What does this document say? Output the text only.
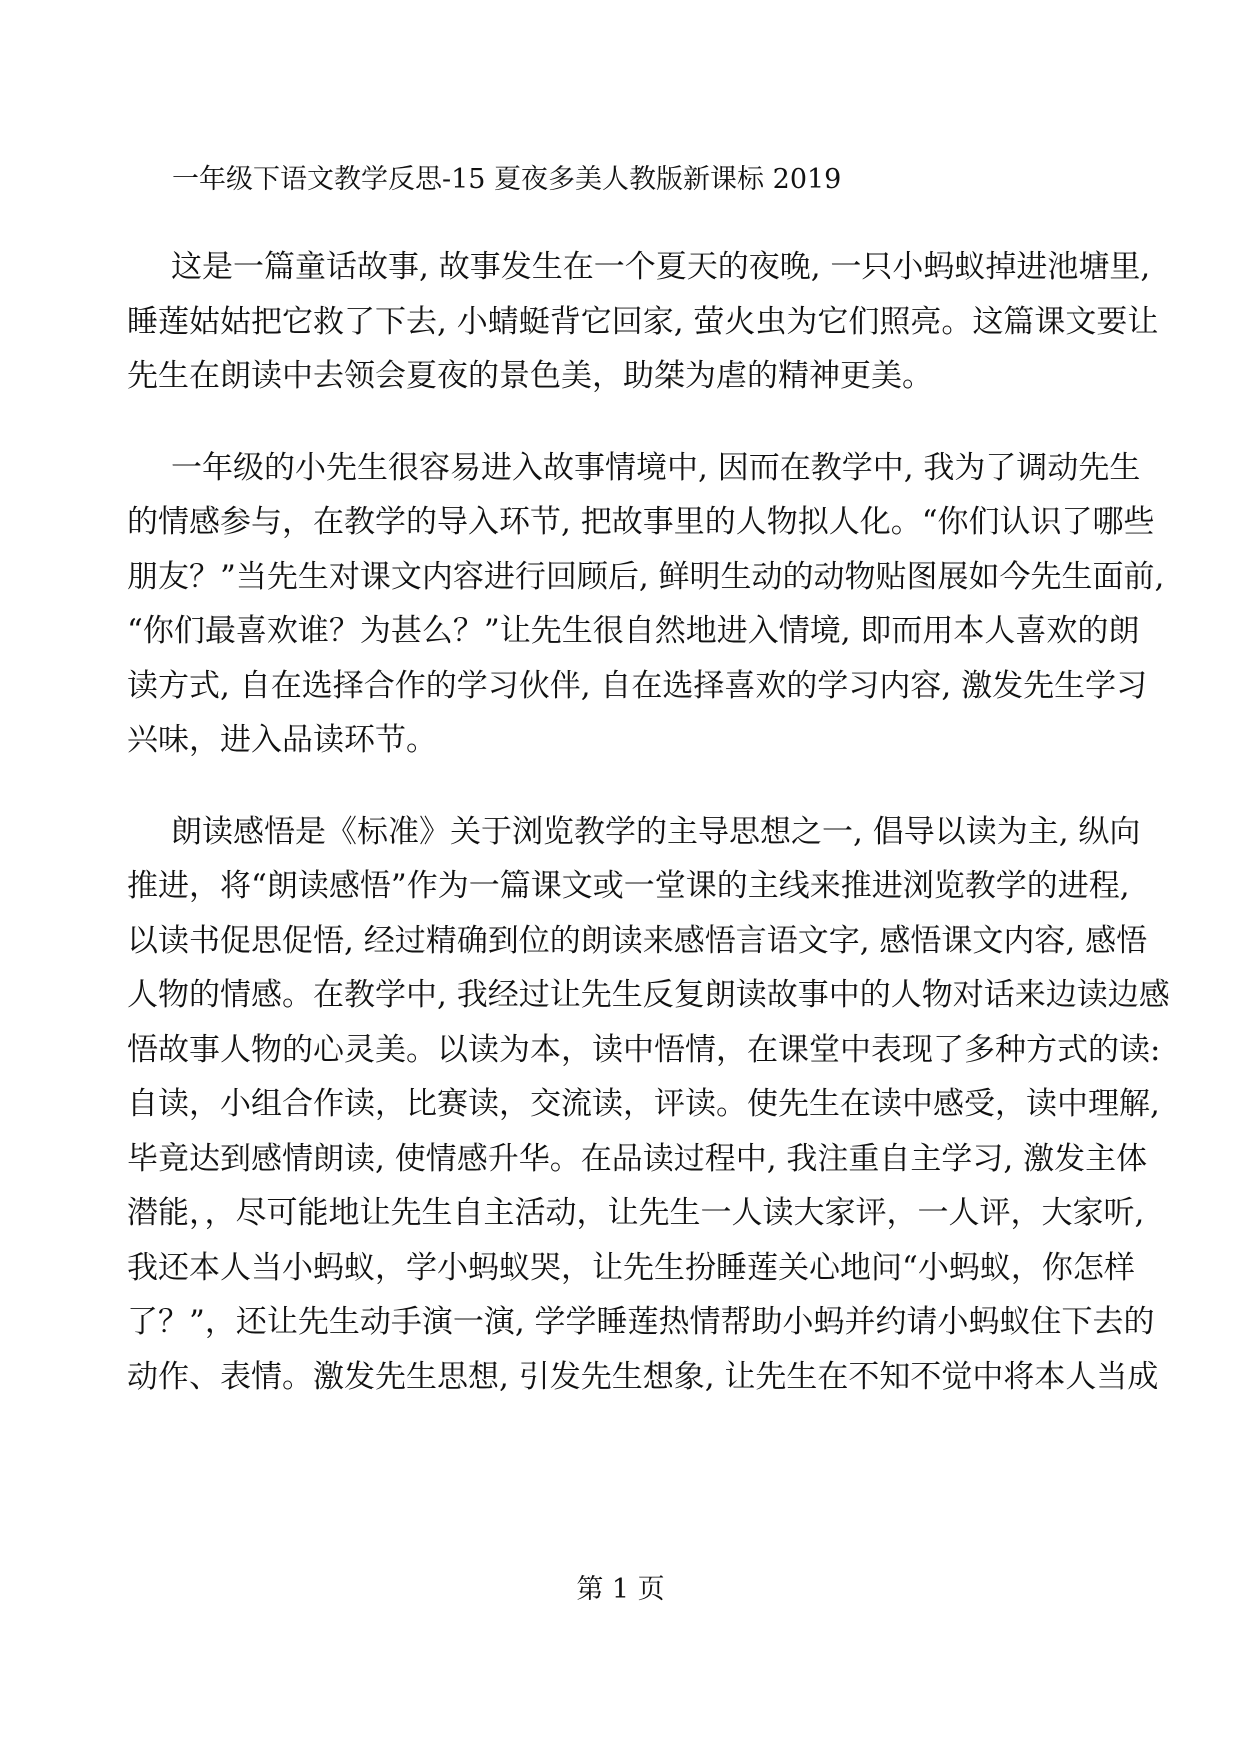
一年级下语文教学反思-15 夏夜多美人教版新课标 2019
这是一篇童话故事, 故事发生在一个夏天的夜晚, 一只小蚂蚁掉进池塘里,
睡莲姑姑把它救了下去, 小蜻蜓背它回家, 萤火虫为它们照亮。这篇课文要让
先生在朗读中去领会夏夜的景色美，助桀为虐的精神更美。
一年级的小先生很容易进入故事情境中, 因而在教学中, 我为了调动先生
的情感参与，在教学的导入环节, 把故事里的人物拟人化。“你们认识了哪些
朋友？”当先生对课文内容进行回顾后, 鲜明生动的动物贴图展如今先生面前,
“你们最喜欢谁？为甚么？”让先生很自然地进入情境, 即而用本人喜欢的朗
读方式, 自在选择合作的学习伙伴, 自在选择喜欢的学习内容, 激发先生学习
兴味，进入品读环节。
朗读感悟是《标准》关于浏览教学的主导思想之一, 倡导以读为主, 纵向
推进，将“朗读感悟”作为一篇课文或一堂课的主线来推进浏览教学的进程,
以读书促思促悟, 经过精确到位的朗读来感悟言语文字, 感悟课文内容, 感悟
人物的情感。在教学中, 我经过让先生反复朗读故事中的人物对话来边读边感
悟故事人物的心灵美。以读为本，读中悟情，在课堂中表现了多种方式的读:
自读，小组合作读，比赛读，交流读，评读。使先生在读中感受，读中理解,
毕竟达到感情朗读, 使情感升华。在品读过程中, 我注重自主学习, 激发主体
潜能，，尽可能地让先生自主活动，让先生一人读大家评，一人评，大家听,
我还本人当小蚂蚁，学小蚂蚁哭，让先生扮睡莲关心地问“小蚂蚁，你怎样
了？”，还让先生动手演一演, 学学睡莲热情帮助小蚂并约请小蚂蚁住下去的
动作、表情。激发先生思想, 引发先生想象, 让先生在不知不觉中将本人当成
第 1 页
